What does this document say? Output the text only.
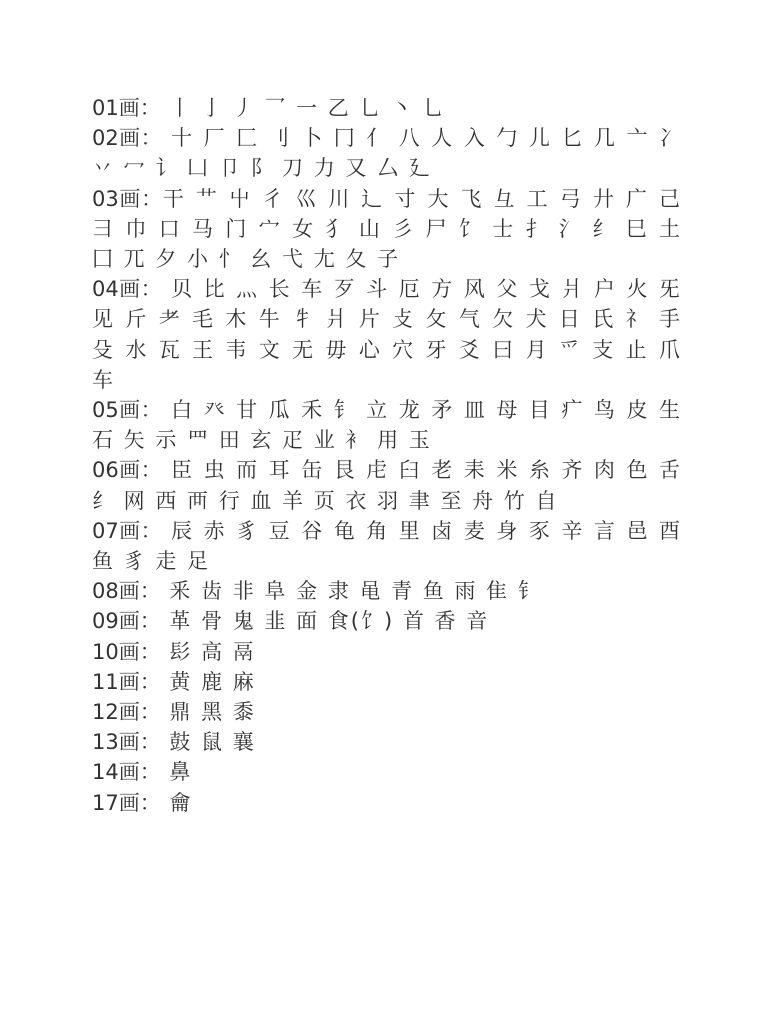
01画： 丨 亅 丿 乛 一 乙 乚 丶 乚
02画： 十 厂 匚 刂 卜 冂 亻 八 人 入 勹 儿 匕 几 亠 冫 丷 冖 讠 凵 卩 阝 刀 力 又 厶 廴
03画：干 艹 屮 彳 巛 川 辶 寸 大 飞 彑 工 弓 廾 广 己 彐 巾 口 马 门 宀 女 犭 山 彡 尸 饣 士 扌 氵 纟 巳 土 囗 兀 夕 小 忄 幺 弋 尢 夂 子
04画： 贝 比 灬 长 车 歹 斗 厄 方 风 父 戈 爿 户 火 旡 见 斤 耂 毛 木 牛 牜 爿 片 攴 攵 气 欠 犬 日 氏 礻 手 殳 水 瓦 王 韦 文 无 毋 心 穴 牙 爻 曰 月 爫 支 止 爪 车
05画： 白 癶 甘 瓜 禾 钅 立 龙 矛 皿 母 目 疒 鸟 皮 生 石 矢 示 罒 田 玄 疋 业 衤 用 玉
06画： 臣 虫 而 耳 缶 艮 虍 臼 老 耒 米 糸 齐 肉 色 舌 纟 网 西 襾 行 血 羊 页 衣 羽 聿 至 舟 竹 自
07画： 辰 赤 豸 豆 谷 龟 角 里 卤 麦 身 豕 辛 言 邑 酉 鱼 豸 走 足
08画： 釆 齿 非 阜 金 隶 黾 青 鱼 雨 隹 钅
09画： 革 骨 鬼 韭 面 食(饣) 首 香 音
10画： 髟 高 鬲
11画： 黄 鹿 麻
12画： 鼎 黑 黍
13画： 鼓 鼠 襄
14画： 鼻
17画： 龠
